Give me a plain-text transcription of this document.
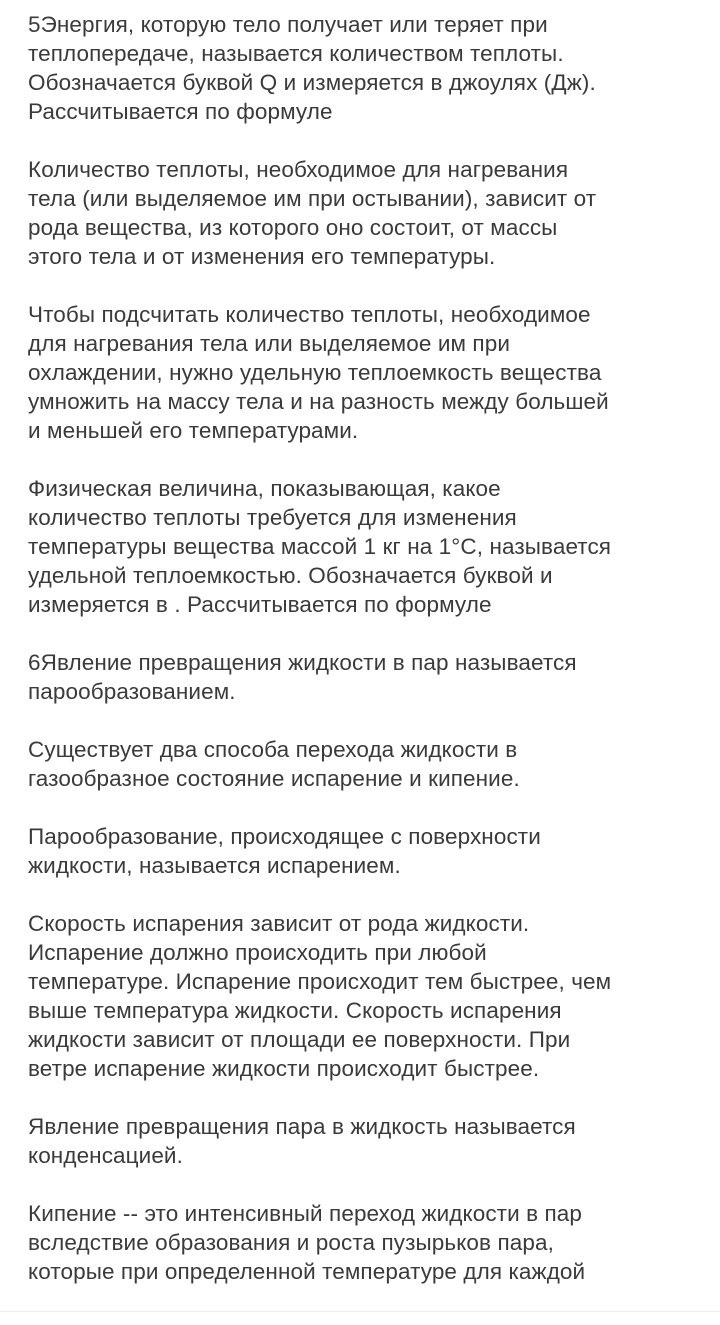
5Энергия, которую тело получает или теряет при
теплопередаче, называется количеством теплоты.
Обозначается буквой Q и измеряется в джоулях (Дж).
Рассчитывается по формуле

Количество теплоты, необходимое для нагревания
тела (или выделяемое им при остывании), зависит от
рода вещества, из которого оно состоит, от массы
этого тела и от изменения его температуры.

Чтобы подсчитать количество теплоты, необходимое
для нагревания тела или выделяемое им при
охлаждении, нужно удельную теплоемкость вещества
умножить на массу тела и на разность между большей
и меньшей его температурами.

Физическая величина, показывающая, какое
количество теплоты требуется для изменения
температуры вещества массой 1 кг на 1°С, называется
удельной теплоемкостью. Обозначается буквой и
измеряется в . Рассчитывается по формуле

6Явление превращения жидкости в пар называется
парообразованием.

Существует два способа перехода жидкости в
газообразное состояние испарение и кипение.

Парообразование, происходящее с поверхности
жидкости, называется испарением.

Скорость испарения зависит от рода жидкости.
Испарение должно происходить при любой
температуре. Испарение происходит тем быстрее, чем
выше температура жидкости. Скорость испарения
жидкости зависит от площади ее поверхности. При
ветре испарение жидкости происходит быстрее.

Явление превращения пара в жидкость называется
конденсацией.

Кипение -- это интенсивный переход жидкости в пар
вследствие образования и роста пузырьков пара,
которые при определенной температуре для каждой
